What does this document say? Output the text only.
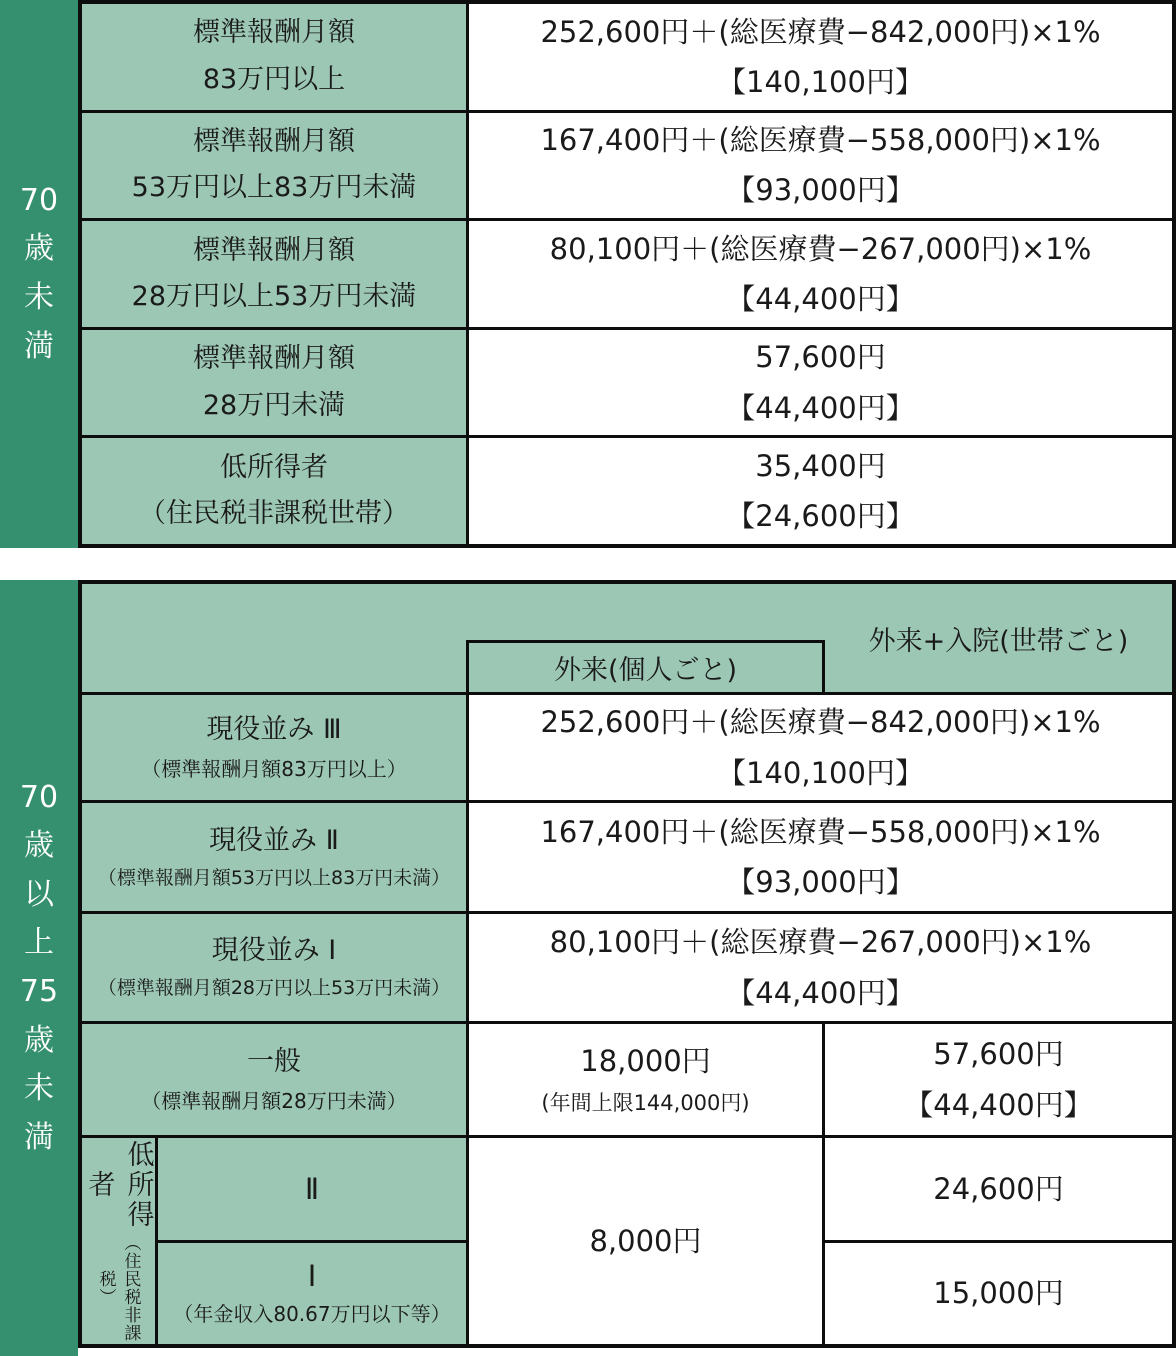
70
歳
未
満
標準報酬月額
83万円以上
252,600円＋(総医療費−842,000円)×1%
【140,100円】
標準報酬月額
53万円以上83万円未満
167,400円＋(総医療費−558,000円)×1%
【93,000円】
標準報酬月額
28万円以上53万円未満
80,100円＋(総医療費−267,000円)×1%
【44,400円】
標準報酬月額
28万円未満
57,600円
【44,400円】
低所得者
（住民税非課税世帯）
35,400円
【24,600円】
70
歳
以
上
75
歳
未
満
外来(個人ごと)
外来+入院(世帯ごと)
現役並み Ⅲ
（標準報酬月額83万円以上）
252,600円＋(総医療費−842,000円)×1%
【140,100円】
現役並み Ⅱ
（標準報酬月額53万円以上83万円未満）
167,400円＋(総医療費−558,000円)×1%
【93,000円】
現役並み Ⅰ
（標準報酬月額28万円以上53万円未満）
80,100円＋(総医療費−267,000円)×1%
【44,400円】
一般
（標準報酬月額28万円未満）
18,000円
(年間上限144,000円)
57,600円
【44,400円】
低所得者
（住民税非課税）
Ⅱ
8,000円
24,600円
Ⅰ
（年金収入80.67万円以下等）
15,000円
